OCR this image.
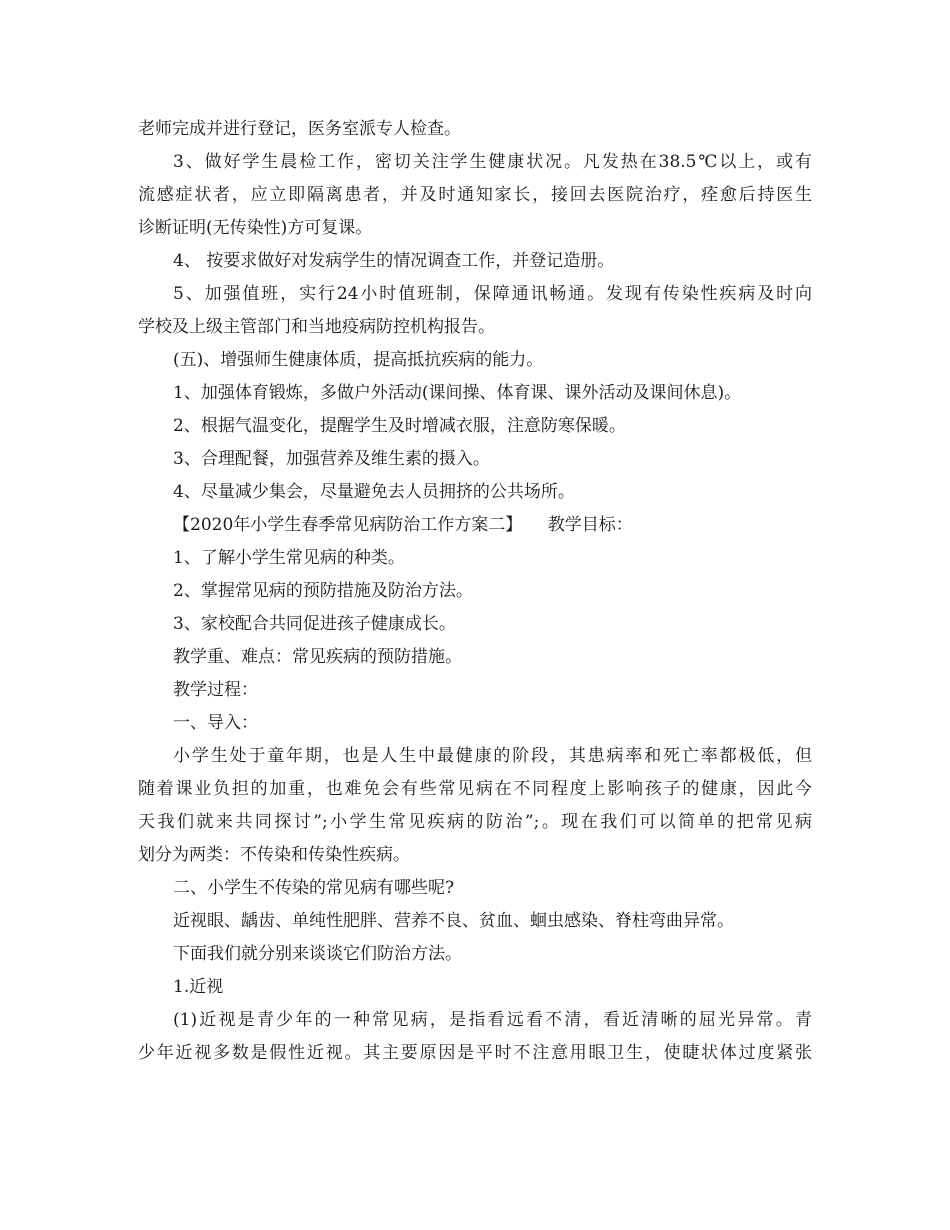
老师完成并进行登记，医务室派专人检查。
3、做好学生晨检工作，密切关注学生健康状况。凡发热在38.5℃以上，或有
流感症状者，应立即隔离患者，并及时通知家长，接回去医院治疗，痊愈后持医生
诊断证明(无传染性)方可复课。
4、 按要求做好对发病学生的情况调查工作，并登记造册。
5、加强值班，实行24小时值班制，保障通讯畅通。发现有传染性疾病及时向
学校及上级主管部门和当地疫病防控机构报告。
(五)、增强师生健康体质，提高抵抗疾病的能力。
1、加强体育锻炼，多做户外活动(课间操、体育课、课外活动及课间休息)。
2、根据气温变化，提醒学生及时增减衣服，注意防寒保暖。
3、合理配餐，加强营养及维生素的摄入。
4、尽量减少集会，尽量避免去人员拥挤的公共场所。
【2020年小学生春季常见病防治工作方案二】　　教学目标：
1、了解小学生常见病的种类。
2、掌握常见病的预防措施及防治方法。
3、家校配合共同促进孩子健康成长。
教学重、难点：常见疾病的预防措施。
教学过程：
一、导入：
小学生处于童年期，也是人生中最健康的阶段，其患病率和死亡率都极低，但
随着课业负担的加重，也难免会有些常见病在不同程度上影响孩子的健康，因此今
天我们就来共同探讨”;小学生常见疾病的防治”;。现在我们可以简单的把常见病
划分为两类：不传染和传染性疾病。
二、小学生不传染的常见病有哪些呢?
近视眼、龋齿、单纯性肥胖、营养不良、贫血、蛔虫感染、脊柱弯曲异常。
下面我们就分别来谈谈它们防治方法。
1.近视
(1)近视是青少年的一种常见病，是指看远看不清，看近清晰的屈光异常。青
少年近视多数是假性近视。其主要原因是平时不注意用眼卫生，使睫状体过度紧张
